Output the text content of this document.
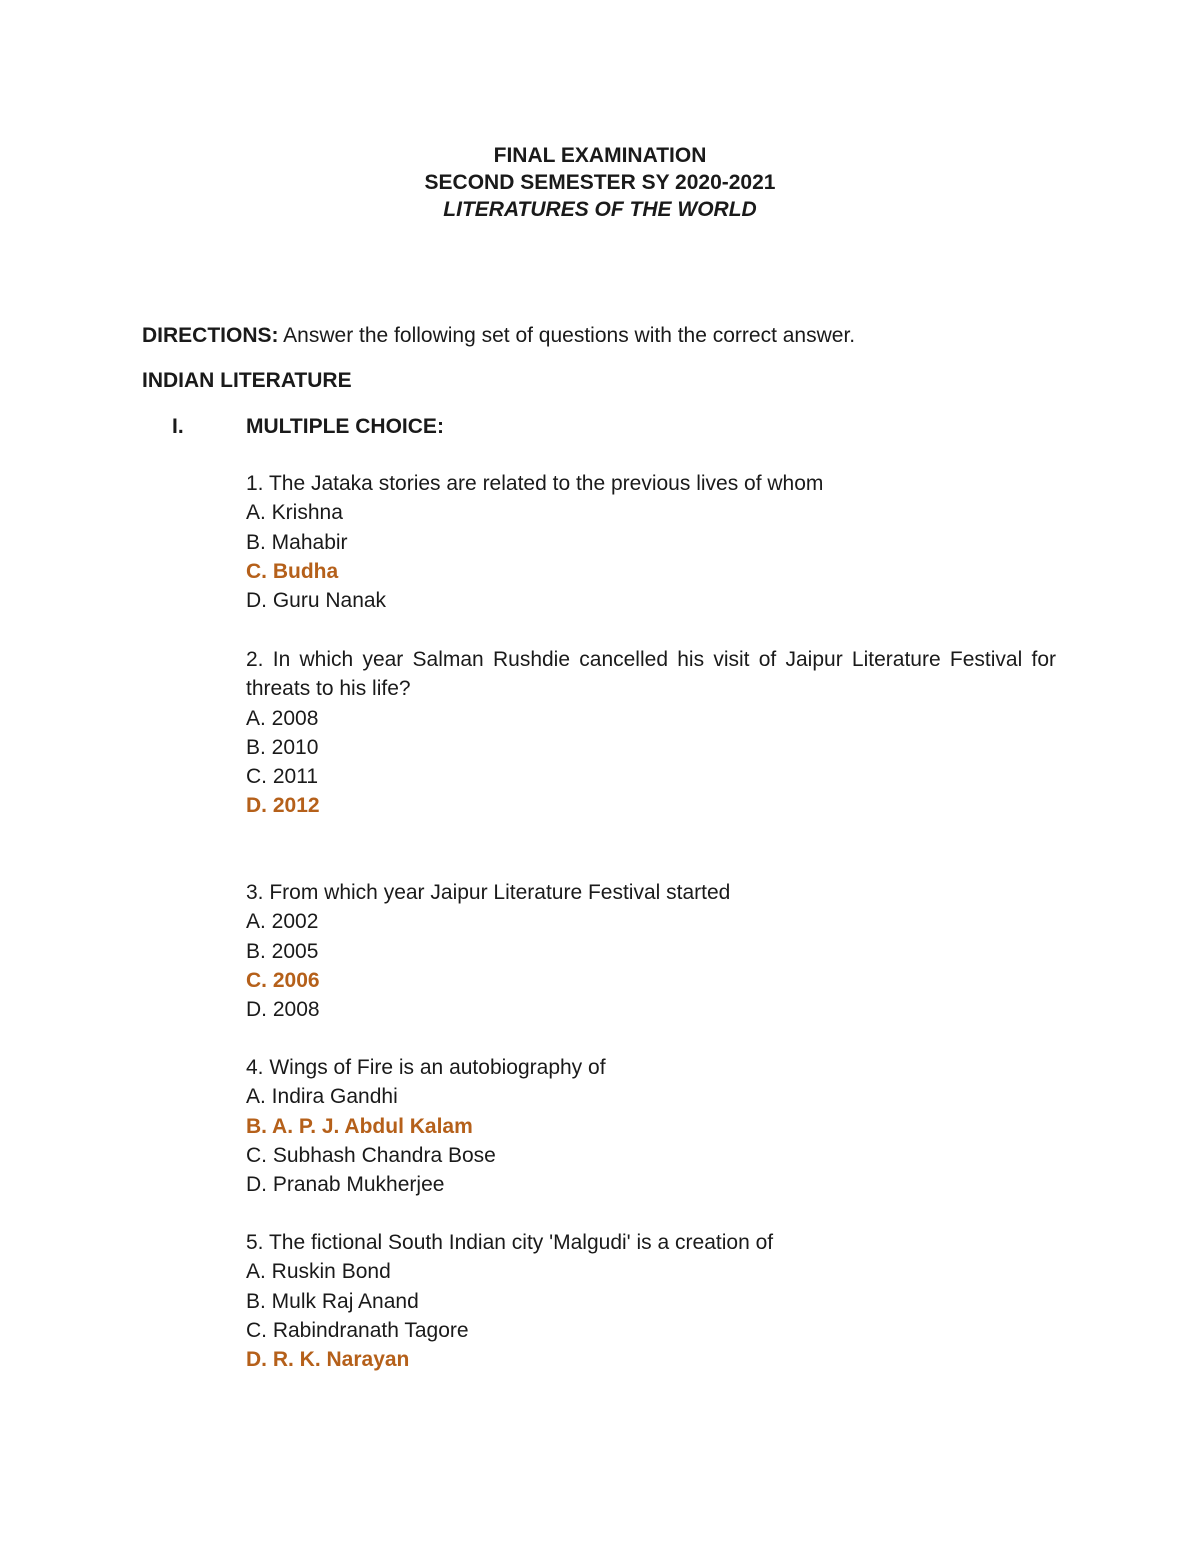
FINAL EXAMINATION
SECOND SEMESTER SY 2020-2021
LITERATURES OF THE WORLD
DIRECTIONS: Answer the following set of questions with the correct answer.
INDIAN LITERATURE
I.	MULTIPLE CHOICE:
1. The Jataka stories are related to the previous lives of whom
A. Krishna
B. Mahabir
C. Budha
D. Guru Nanak
2. In which year Salman Rushdie cancelled his visit of Jaipur Literature Festival for threats to his life?
A. 2008
B. 2010
C. 2011
D. 2012
3. From which year Jaipur Literature Festival started
A. 2002
B. 2005
C. 2006
D. 2008
4. Wings of Fire is an autobiography of
A. Indira Gandhi
B. A. P. J. Abdul Kalam
C. Subhash Chandra Bose
D. Pranab Mukherjee
5. The fictional South Indian city 'Malgudi' is a creation of
A. Ruskin Bond
B. Mulk Raj Anand
C. Rabindranath Tagore
D. R. K. Narayan
